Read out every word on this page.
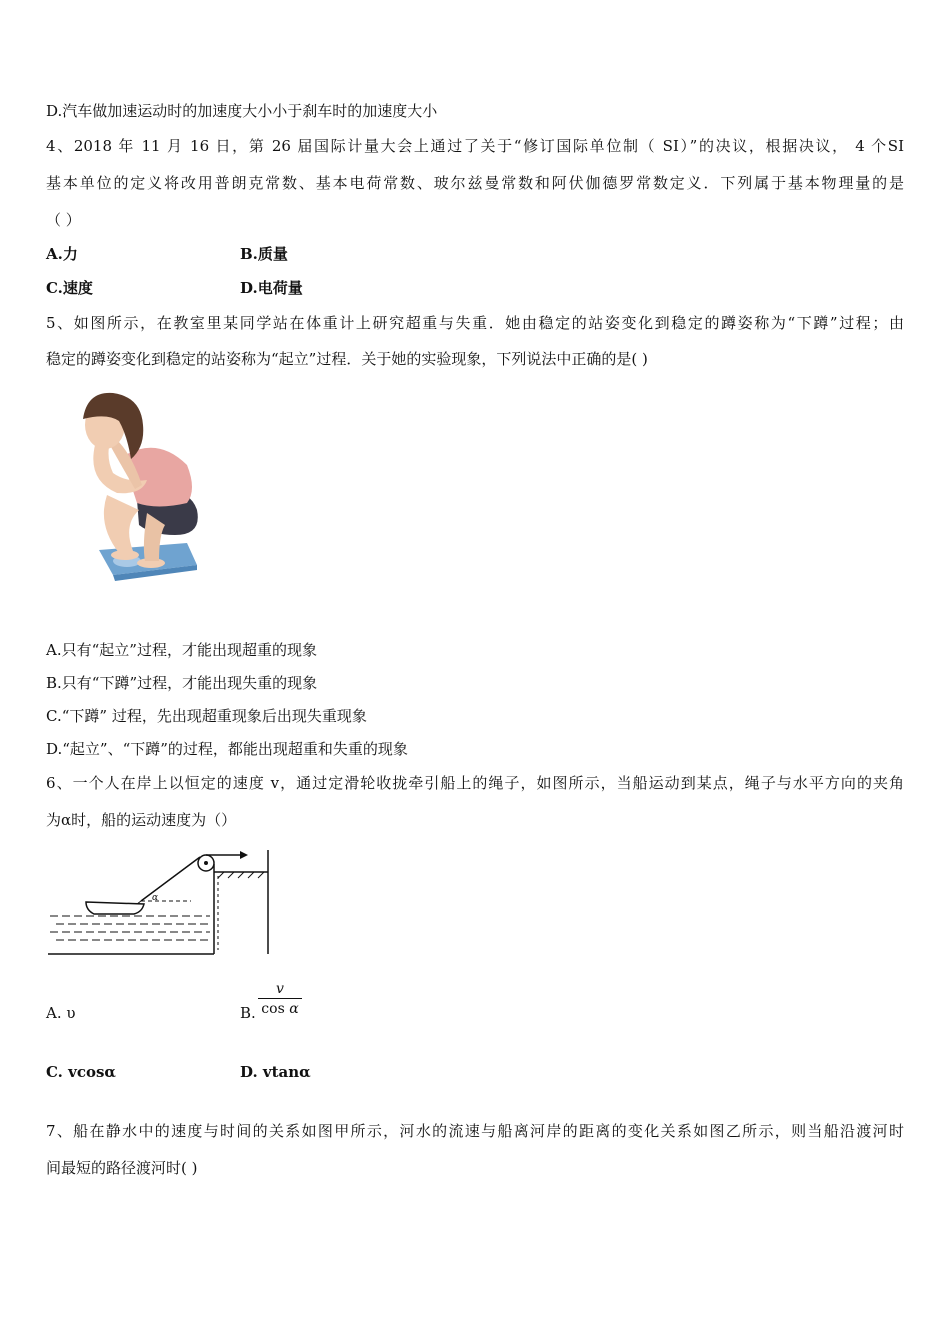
D.汽车做加速运动时的加速度大小小于刹车时的加速度大小
4、2018 年 11 月 16 日，第 26 届国际计量大会上通过了关于“修订国际单位制（ SI）”的决议，根据决议， 4 个SI
基本单位的定义将改用普朗克常数、基本电荷常数、玻尔兹曼常数和阿伏伽德罗常数定义．下列属于基本物理量的是
（ ）
A.力	B.质量
C.速度	D.电荷量
5、如图所示，在教室里某同学站在体重计上研究超重与失重．她由稳定的站姿变化到稳定的蹲姿称为“下蹲”过程；由
稳定的蹲姿变化到稳定的站姿称为“起立”过程．关于她的实验现象，下列说法中正确的是( )
A.只有“起立”过程，才能出现超重的现象
B.只有“下蹲”过程，才能出现失重的现象
C.“下蹲” 过程，先出现超重现象后出现失重现象
D.“起立”、“下蹲”的过程，都能出现超重和失重的现象
6、一个人在岸上以恒定的速度 v，通过定滑轮收拢牵引船上的绳子，如图所示，当船运动到某点，绳子与水平方向的夹角
为α时，船的运动速度为（）
α
A. υ	B.
v
cos α
C. vcosα	D. vtanα
7、船在静水中的速度与时间的关系如图甲所示，河水的流速与船离河岸的距离的变化关系如图乙所示，则当船沿渡河时
间最短的路径渡河时( )
